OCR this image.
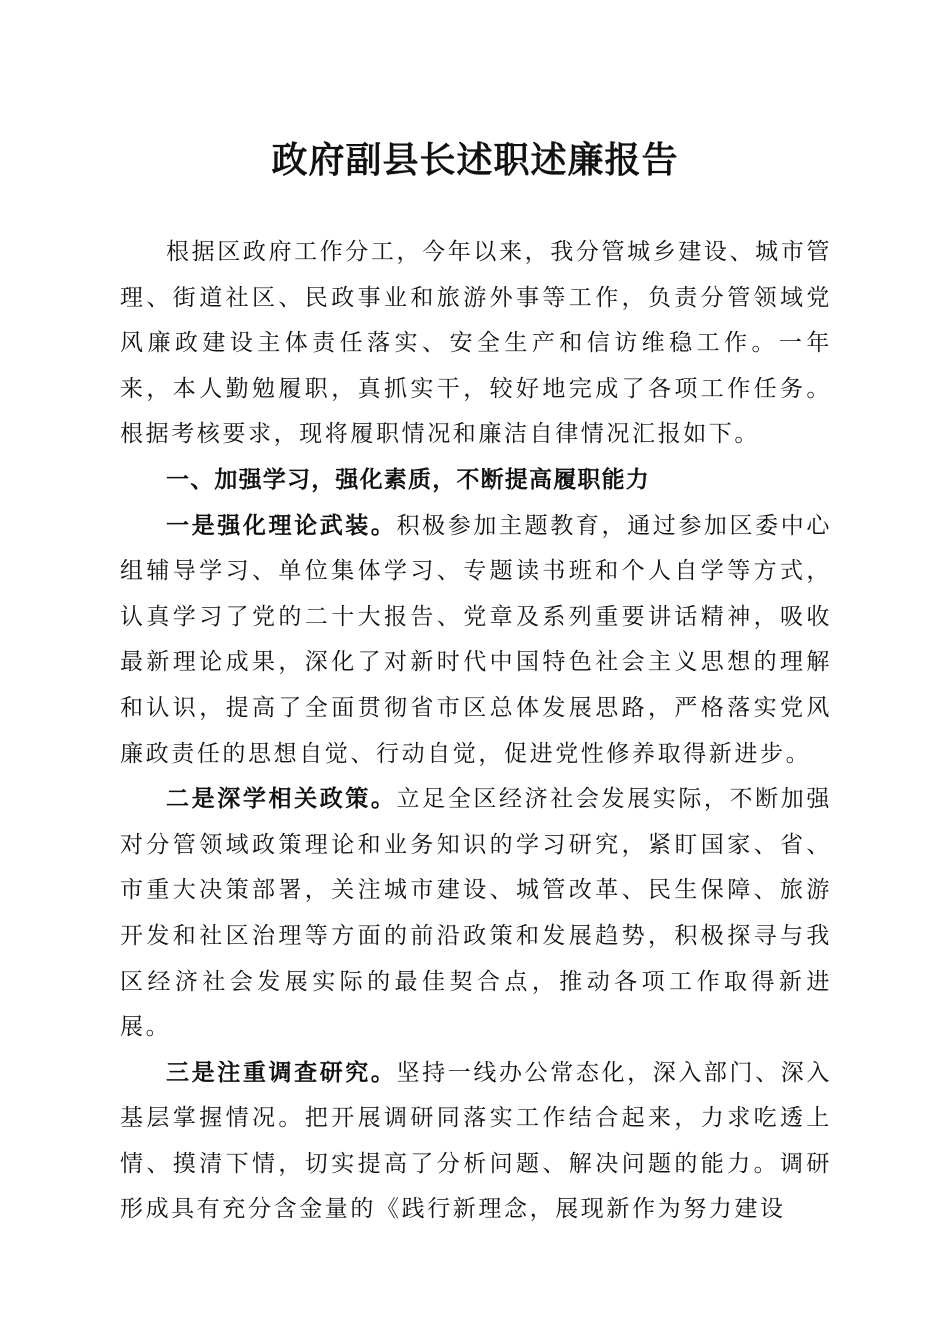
政府副县长述职述廉报告

根据区政府工作分工，今年以来，我分管城乡建设、城市管理、街道社区、民政事业和旅游外事等工作，负责分管领域党风廉政建设主体责任落实、安全生产和信访维稳工作。一年来，本人勤勉履职，真抓实干，较好地完成了各项工作任务。根据考核要求，现将履职情况和廉洁自律情况汇报如下。

一、加强学习，强化素质，不断提高履职能力

一是强化理论武装。积极参加主题教育，通过参加区委中心组辅导学习、单位集体学习、专题读书班和个人自学等方式，认真学习了党的二十大报告、党章及系列重要讲话精神，吸收最新理论成果，深化了对新时代中国特色社会主义思想的理解和认识，提高了全面贯彻省市区总体发展思路，严格落实党风廉政责任的思想自觉、行动自觉，促进党性修养取得新进步。

二是深学相关政策。立足全区经济社会发展实际，不断加强对分管领域政策理论和业务知识的学习研究，紧盯国家、省、市重大决策部署，关注城市建设、城管改革、民生保障、旅游开发和社区治理等方面的前沿政策和发展趋势，积极探寻与我区经济社会发展实际的最佳契合点，推动各项工作取得新进展。

三是注重调查研究。坚持一线办公常态化，深入部门、深入基层掌握情况。把开展调研同落实工作结合起来，力求吃透上情、摸清下情，切实提高了分析问题、解决问题的能力。调研形成具有充分含金量的《践行新理念，展现新作为努力建设
